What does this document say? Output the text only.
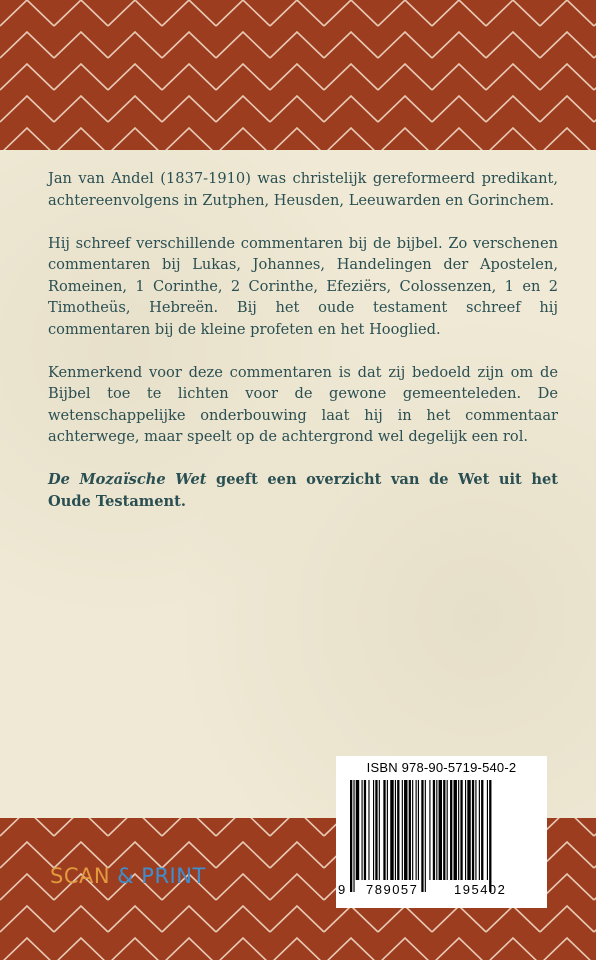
Jan van Andel (1837-1910) was christelijk gereformeerd predikant, achtereenvolgens in Zutphen, Heusden, Leeuwarden en Gorinchem.

Hij schreef verschillende commentaren bij de bijbel. Zo verschenen commentaren bij Lukas, Johannes, Handelingen der Apostelen, Romeinen, 1 Corinthe, 2 Corinthe, Efeziërs, Colossenzen, 1 en 2 Timotheüs, Hebreën. Bij het oude testament schreef hij commentaren bij de kleine profeten en het Hooglied.

Kenmerkend voor deze commentaren is dat zij bedoeld zijn om de Bijbel toe te lichten voor de gewone gemeenteleden. De wetenschappelijke onderbouwing laat hij in het commentaar achterwege, maar speelt op de achtergrond wel degelijk een rol.

De Mozaïsche Wet geeft een overzicht van de Wet uit het Oude Testament.

SCAN & PRINT
ISBN 978-90-5719-540-2
9 789057	195402
